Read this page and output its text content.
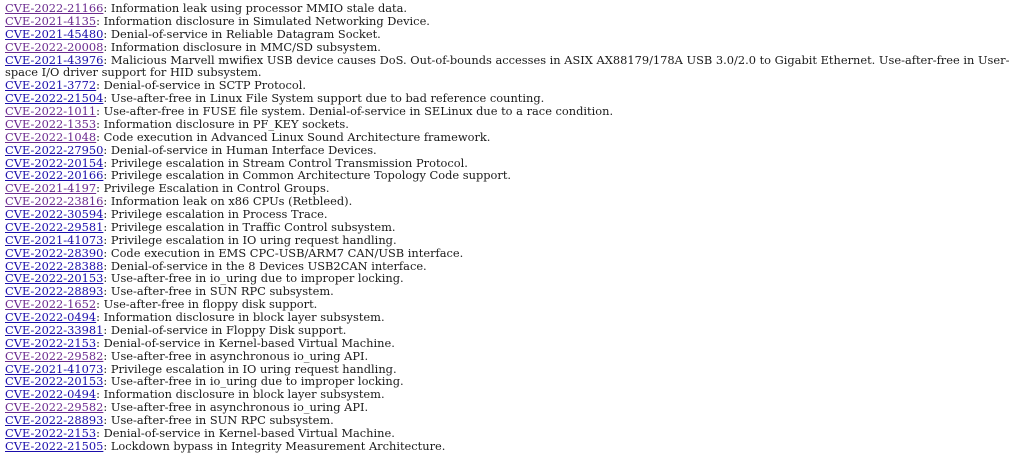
CVE-2022-21166: Information leak using processor MMIO stale data.
CVE-2021-4135: Information disclosure in Simulated Networking Device.
CVE-2021-45480: Denial-of-service in Reliable Datagram Socket.
CVE-2022-20008: Information disclosure in MMC/SD subsystem.
CVE-2021-43976: Malicious Marvell mwifiex USB device causes DoS. Out-of-bounds accesses in ASIX AX88179/178A USB 3.0/2.0 to Gigabit Ethernet. Use-after-free in User-space I/O driver support for HID subsystem.
CVE-2021-3772: Denial-of-service in SCTP Protocol.
CVE-2022-21504: Use-after-free in Linux File System support due to bad reference counting.
CVE-2022-1011: Use-after-free in FUSE file system. Denial-of-service in SELinux due to a race condition.
CVE-2022-1353: Information disclosure in PF_KEY sockets.
CVE-2022-1048: Code execution in Advanced Linux Sound Architecture framework.
CVE-2022-27950: Denial-of-service in Human Interface Devices.
CVE-2022-20154: Privilege escalation in Stream Control Transmission Protocol.
CVE-2022-20166: Privilege escalation in Common Architecture Topology Code support.
CVE-2021-4197: Privilege Escalation in Control Groups.
CVE-2022-23816: Information leak on x86 CPUs (Retbleed).
CVE-2022-30594: Privilege escalation in Process Trace.
CVE-2022-29581: Privilege escalation in Traffic Control subsystem.
CVE-2021-41073: Privilege escalation in IO uring request handling.
CVE-2022-28390: Code execution in EMS CPC-USB/ARM7 CAN/USB interface.
CVE-2022-28388: Denial-of-service in the 8 Devices USB2CAN interface.
CVE-2022-20153: Use-after-free in io_uring due to improper locking.
CVE-2022-28893: Use-after-free in SUN RPC subsystem.
CVE-2022-1652: Use-after-free in floppy disk support.
CVE-2022-0494: Information disclosure in block layer subsystem.
CVE-2022-33981: Denial-of-service in Floppy Disk support.
CVE-2022-2153: Denial-of-service in Kernel-based Virtual Machine.
CVE-2022-29582: Use-after-free in asynchronous io_uring API.
CVE-2021-41073: Privilege escalation in IO uring request handling.
CVE-2022-20153: Use-after-free in io_uring due to improper locking.
CVE-2022-0494: Information disclosure in block layer subsystem.
CVE-2022-29582: Use-after-free in asynchronous io_uring API.
CVE-2022-28893: Use-after-free in SUN RPC subsystem.
CVE-2022-2153: Denial-of-service in Kernel-based Virtual Machine.
CVE-2022-21505: Lockdown bypass in Integrity Measurement Architecture.
